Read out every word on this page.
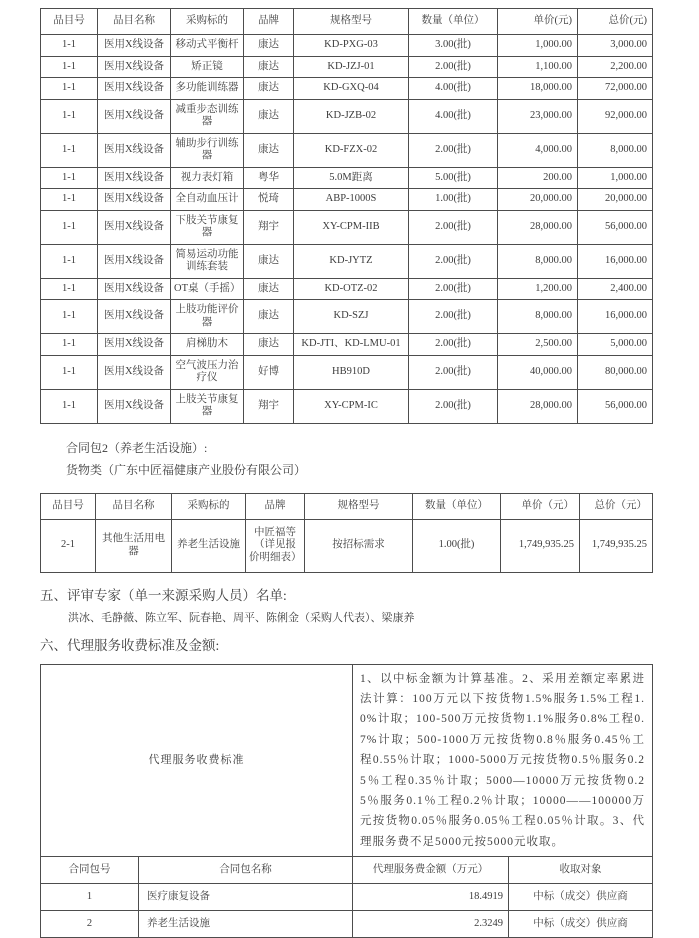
品目号	品目名称	采购标的	品牌	规格型号	数量（单位）	单价(元)	总价(元)
1-1	医用X线设备	移动式平衡杆	康达	KD-PXG-03	3.00(批)	1,000.00	3,000.00
1-1	医用X线设备	矫正镜	康达	KD-JZJ-01	2.00(批)	1,100.00	2,200.00
1-1	医用X线设备	多功能训练器	康达	KD-GXQ-04	4.00(批)	18,000.00	72,000.00
1-1	医用X线设备	减重步态训练器	康达	KD-JZB-02	4.00(批)	23,000.00	92,000.00
1-1	医用X线设备	辅助步行训练器	康达	KD-FZX-02	2.00(批)	4,000.00	8,000.00
1-1	医用X线设备	视力表灯箱	粤华	5.0M距离	5.00(批)	200.00	1,000.00
1-1	医用X线设备	全自动血压计	悦琦	ABP-1000S	1.00(批)	20,000.00	20,000.00
1-1	医用X线设备	下肢关节康复器	翔宇	XY-CPM-IIB	2.00(批)	28,000.00	56,000.00
1-1	医用X线设备	简易运动功能训练套装	康达	KD-JYTZ	2.00(批)	8,000.00	16,000.00
1-1	医用X线设备	OT桌（手摇）	康达	KD-OTZ-02	2.00(批)	1,200.00	2,400.00
1-1	医用X线设备	上肢功能评价器	康达	KD-SZJ	2.00(批)	8,000.00	16,000.00
1-1	医用X线设备	肩梯肋木	康达	KD-JTI、KD-LMU-01	2.00(批)	2,500.00	5,000.00
1-1	医用X线设备	空气波压力治疗仪	好博	HB910D	2.00(批)	40,000.00	80,000.00
1-1	医用X线设备	上肢关节康复器	翔宇	XY-CPM-IC	2.00(批)	28,000.00	56,000.00
合同包2（养老生活设施）:
货物类（广东中匠福健康产业股份有限公司）
品目号	品目名称	采购标的	品牌	规格型号	数量（单位）	单价（元）	总价（元）
2-1	其他生活用电器	养老生活设施	中匠福等（详见报价明细表）	按招标需求	1.00(批)	1,749,935.25	1,749,935.25
五、评审专家（单一来源采购人员）名单:
洪冰、毛静薇、陈立军、阮春艳、周平、陈俐金（采购人代表）、梁康养
六、代理服务收费标准及金额:
代理服务收费标准		1、以中标金额为计算基准。2、采用差额定率累进法计算：100万元以下按货物1.5%服务1.5%工程1.0%计取；100-500万元按货物1.1%服务0.8%工程0.7%计取；500-1000万元按货物0.8％服务0.45％工程0.55％计取；1000-5000万元按货物0.5％服务0.25％工程0.35％计取；5000—10000万元按货物0.25％服务0.1％工程0.2％计取；10000——100000万元按货物0.05％服务0.05％工程0.05％计取。3、代理服务费不足5000元按5000元收取。	
合同包号	合同包名称	代理服务费金额（万元）	收取对象
1	医疗康复设备	18.4919	中标（成交）供应商
2	养老生活设施	2.3249	中标（成交）供应商
